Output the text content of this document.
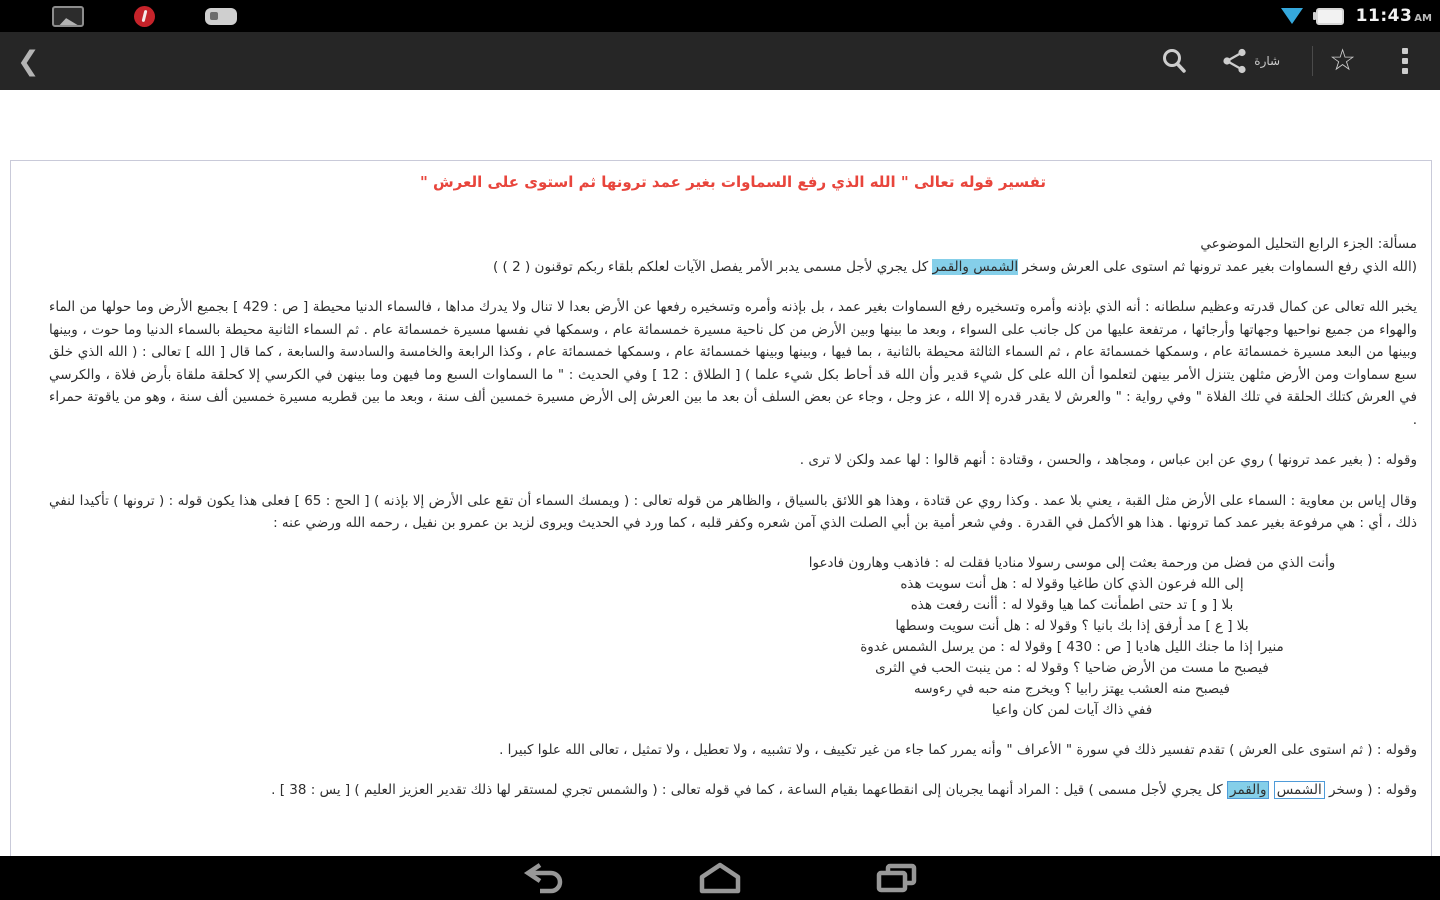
11:43 AM
❮	شارة ☆
تفسير قوله تعالى " الله الذي رفع السماوات بغير عمد ترونها ثم استوى على العرش "

مسألة: الجزء الرابع التحليل الموضوعي

(الله الذي رفع السماوات بغير عمد ترونها ثم استوى على العرش وسخر الشمس والقمر كل يجري لأجل مسمى يدبر الأمر يفصل الآيات لعلكم بلقاء ربكم توقنون ( 2 ) )

يخبر الله تعالى عن كمال قدرته وعظيم سلطانه : أنه الذي بإذنه وأمره وتسخيره رفع السماوات بغير عمد ، بل بإذنه وأمره وتسخيره رفعها عن الأرض بعدا لا تنال ولا يدرك مداها ، فالسماء الدنيا محيطة [ ص : 429 ] بجميع الأرض وما حولها من الماء والهواء من جميع نواحيها وجهاتها وأرجائها ، مرتفعة عليها من كل جانب على السواء ، وبعد ما بينها وبين الأرض من كل ناحية مسيرة خمسمائة عام ، وسمكها في نفسها مسيرة خمسمائة عام . ثم السماء الثانية محيطة بالسماء الدنيا وما حوت ، وبينها وبينها من البعد مسيرة خمسمائة عام ، وسمكها خمسمائة عام ، ثم السماء الثالثة محيطة بالثانية ، بما فيها ، وبينها وبينها خمسمائة عام ، وسمكها خمسمائة عام ، وكذا الرابعة والخامسة والسادسة والسابعة ، كما قال [ الله ] تعالى : ( الله الذي خلق سبع سماوات ومن الأرض مثلهن يتنزل الأمر بينهن لتعلموا أن الله على كل شيء قدير وأن الله قد أحاط بكل شيء علما ) [ الطلاق : 12 ] وفي الحديث : " ما السماوات السبع وما فيهن وما بينهن في الكرسي إلا كحلقة ملقاة بأرض فلاة ، والكرسي في العرش كتلك الحلقة في تلك الفلاة " وفي رواية : " والعرش لا يقدر قدره إلا الله ، عز وجل ، وجاء عن بعض السلف أن بعد ما بين العرش إلى الأرض مسيرة خمسين ألف سنة ، وبعد ما بين قطريه مسيرة خمسين ألف سنة ، وهو من ياقوتة حمراء .

وقوله : ( بغير عمد ترونها ) روي عن ابن عباس ، ومجاهد ، والحسن ، وقتادة : أنهم قالوا : لها عمد ولكن لا ترى .

وقال إياس بن معاوية : السماء على الأرض مثل القبة ، يعني بلا عمد . وكذا روي عن قتادة ، وهذا هو اللائق بالسياق ، والظاهر من قوله تعالى : ( ويمسك السماء أن تقع على الأرض إلا بإذنه ) [ الحج : 65 ] فعلى هذا يكون قوله : ( ترونها ) تأكيدا لنفي ذلك ، أي : هي مرفوعة بغير عمد كما ترونها . هذا هو الأكمل في القدرة . وفي شعر أمية بن أبي الصلت الذي آمن شعره وكفر قلبه ، كما ورد في الحديث ويروى لزيد بن عمرو بن نفيل ، رحمه الله ورضي عنه :

وأنت الذي من فضل من ورحمة بعثت إلى موسى رسولا مناديا فقلت له : فاذهب وهارون فادعوا
إلى الله فرعون الذي كان طاغيا وقولا له : هل أنت سويت هذه
بلا [ و ] تد حتى اطمأنت كما هيا وقولا له : أأنت رفعت هذه
بلا [ ع ] مد أرفق إذا بك بانيا ؟ وقولا له : هل أنت سويت وسطها
منيرا إذا ما جنك الليل هاديا [ ص : 430 ] وقولا له : من يرسل الشمس غدوة
فيصبح ما مست من الأرض ضاحيا ؟ وقولا له : من ينبت الحب في الثرى
فيصبح منه العشب يهتز رابيا ؟ ويخرج منه حبه في رءوسه
ففي ذاك آيات لمن كان واعيا

وقوله : ( ثم استوى على العرش ) تقدم تفسير ذلك في سورة " الأعراف " وأنه يمرر كما جاء من غير تكييف ، ولا تشبيه ، ولا تعطيل ، ولا تمثيل ، تعالى الله علوا كبيرا .

وقوله : ( وسخر الشمس والقمر كل يجري لأجل مسمى ) قيل : المراد أنهما يجريان إلى انقطاعهما بقيام الساعة ، كما في قوله تعالى : ( والشمس تجري لمستقر لها ذلك تقدير العزيز العليم ) [ يس : 38 ] .
